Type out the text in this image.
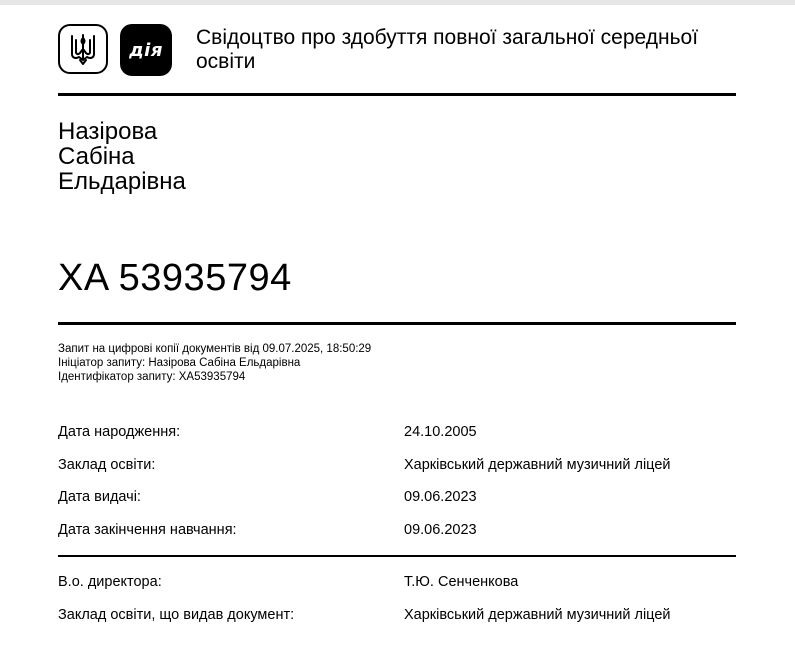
дія
Свідоцтво про здобуття повної загальної середньої освіти
Назірова
Сабіна
Ельдарівна
XA 53935794
Запит на цифрові копії документів від 09.07.2025, 18:50:29
Ініціатор запиту: Назірова Сабіна Ельдарівна
Ідентифікатор запиту: XA53935794
Дата народження:	24.10.2005
Заклад освіти:	Харківський державний музичний ліцей
Дата видачі:	09.06.2023
Дата закінчення навчання:	09.06.2023
В.о. директора:	Т.Ю. Сенченкова
Заклад освіти, що видав документ:	Харківський державний музичний ліцей
